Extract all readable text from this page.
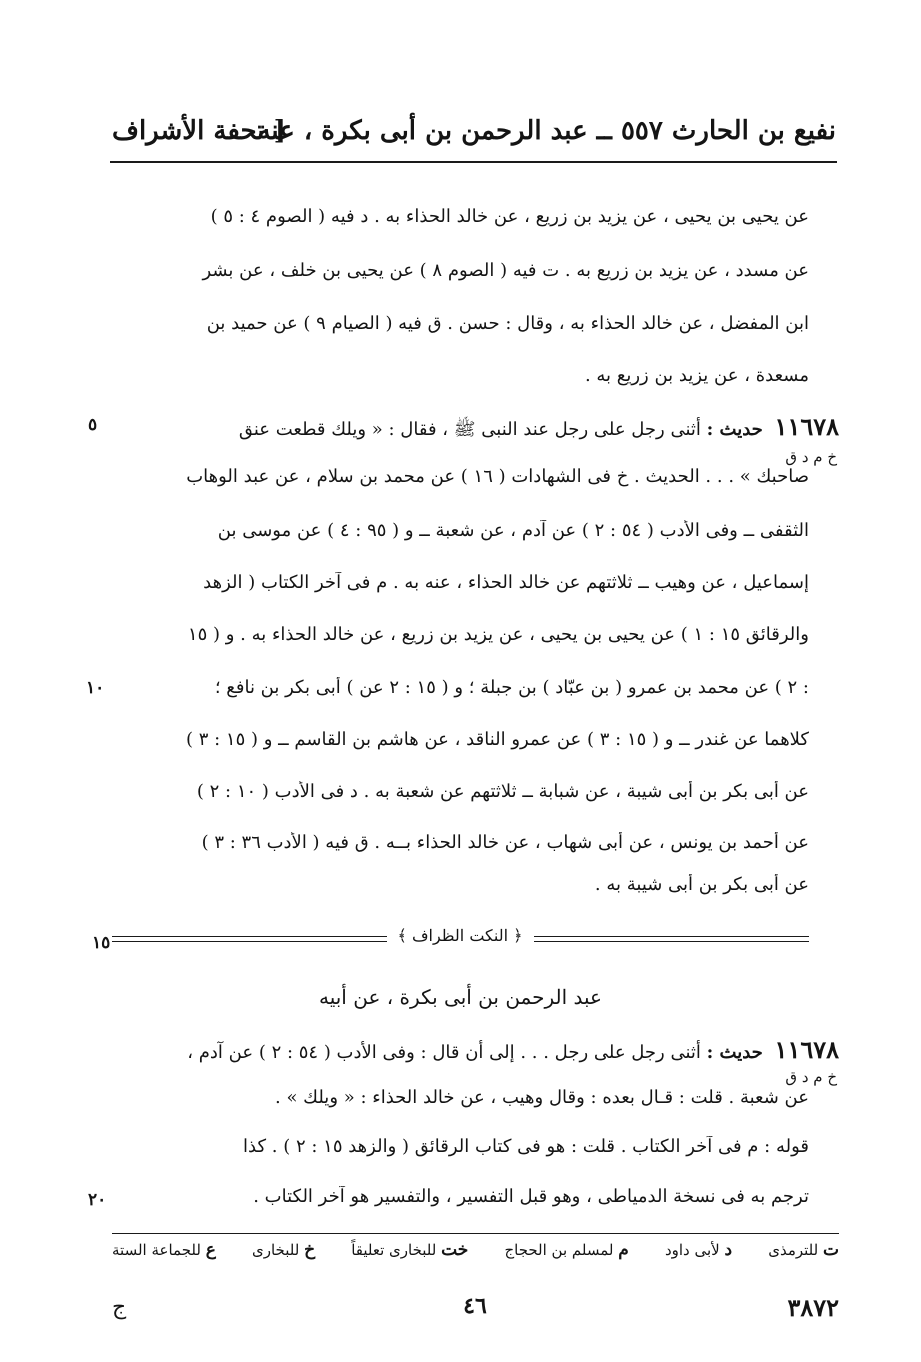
نفيع بن الحارث ٥٥٧ ــ عبد الرحمن بن أبى بكرة ، عنه
[ تحفة الأشراف
عن يحيى بن يحيى ، عن يزيد بن زريع ، عن خالد الحذاء به . د فيه ( الصوم ٤ : ٥ )
عن مسدد ، عن يزيد بن زريع به . ت فيه ( الصوم ٨ ) عن يحيى بن خلف ، عن بشر
ابن المفضل ، عن خالد الحذاء به ، وقال : حسن . ق فيه ( الصيام ٩ ) عن حميد بن
مسعدة ، عن يزيد بن زريع به .
١١٦٧٨ حديث : أثنى رجل على رجل عند النبى ﷺ ، فقال : « ويلك قطعت عنق
خ م د ق
صاحبك » . . . الحديث . خ فى الشهادات ( ١٦ ) عن محمد بن سلام ، عن عبد الوهاب
الثقفى ــ وفى الأدب ( ٥٤ : ٢ ) عن آدم ، عن شعبة ــ و ( ٩٥ : ٤ ) عن موسى بن
إسماعيل ، عن وهيب ــ ثلاثتهم عن خالد الحذاء ، عنه به . م فى آخر الكتاب ( الزهد
والرقائق ١٥ : ١ ) عن يحيى بن يحيى ، عن يزيد بن زريع ، عن خالد الحذاء به . و ( ١٥
: ٢ ) عن محمد بن عمرو ( بن عبّاد ) بن جبلة ؛ و ( ١٥ : ٢ عن ) أبى بكر بن نافع ؛
كلاهما عن غندر ــ و ( ١٥ : ٣ ) عن عمرو الناقد ، عن هاشم بن القاسم ــ و ( ١٥ : ٣ )
عن أبى بكر بن أبى شيبة ، عن شبابة ــ ثلاثتهم عن شعبة به . د فى الأدب ( ١٠ : ٢ )
عن أحمد بن يونس ، عن أبى شهاب ، عن خالد الحذاء بــه . ق فيه ( الأدب ٣٦ : ٣ )
عن أبى بكر بن أبى شيبة به .
﴿ النكت الظراف ﴾
عبد الرحمن بن أبى بكرة ، عن أبيه
١١٦٧٨ حديث : أثنى رجل على رجل . . . إلى أن قال : وفى الأدب ( ٥٤ : ٢ ) عن آدم ،
خ م د ق
عن شعبة . قلت : قـال بعده : وقال وهيب ، عن خالد الحذاء : « ويلك » .
قوله : م فى آخر الكتاب . قلت : هو فى كتاب الرقائق ( والزهد ١٥ : ٢ ) . كذا
ترجم به فى نسخة الدمياطى ، وهو قبل التفسير ، والتفسير هو آخر الكتاب .
٥
١٠
١٥
٢٠
ع للجماعة الستة	خ للبخارى	خت للبخارى تعليقاً	م لمسلم بن الحجاج	د لأبى داود	ت للترمذى
٣٨٧٢
٤٦
ج
